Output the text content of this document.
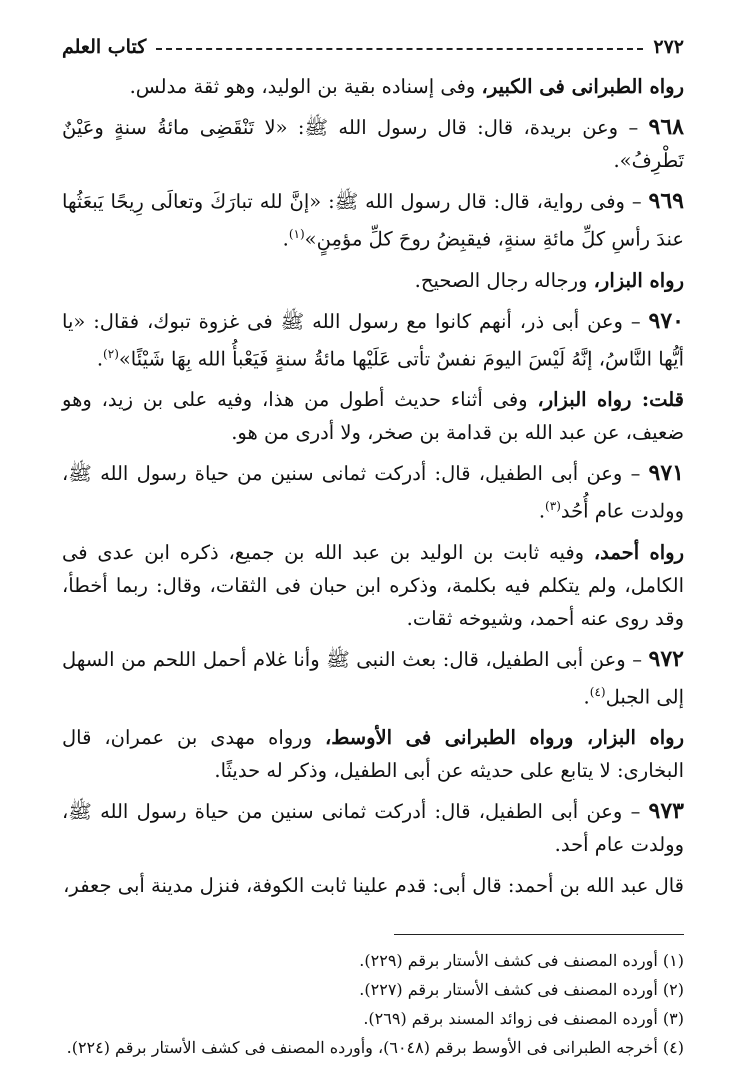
٢٧٢
كتاب العلم

رواه الطبرانى فى الكبير، وفى إسناده بقية بن الوليد، وهو ثقة مدلس.

٩٦٨ – وعن بريدة، قال: قال رسول الله ﷺ: «لا تَنْقَضِى مائةُ سنةٍ وعَيْنٌ تَطْرِفُ».

٩٦٩ – وفى رواية، قال: قال رسول الله ﷺ: «إنَّ لله تبارَكَ وتعالَى رِيحًا يَبعَثُها عندَ رأسِ كلِّ مائةِ سنةٍ، فيقبِضُ روحَ كلِّ مؤمِنٍ»$^{(١)}$.

رواه البزار، ورجاله رجال الصحيح.

٩٧٠ – وعن أبى ذر، أنهم كانوا مع رسول الله ﷺ فى غزوة تبوك، فقال: «يا أيُّها النَّاسُ، إنَّهُ لَيْسَ اليومَ نفسٌ تأتى عَلَيْها مائةُ سنةٍ فَيَعْبأُ الله بِهَا شَيْئًا»$^{(٢)}$.

قلت: رواه البزار، وفى أثناء حديث أطول من هذا، وفيه على بن زيد، وهو ضعيف، عن عبد الله بن قدامة بن صخر، ولا أدرى من هو.

٩٧١ – وعن أبى الطفيل، قال: أدركت ثمانى سنين من حياة رسول الله ﷺ، وولدت عام أُحُد$^{(٣)}$.

رواه أحمد، وفيه ثابت بن الوليد بن عبد الله بن جميع، ذكره ابن عدى فى الكامل، ولم يتكلم فيه بكلمة، وذكره ابن حبان فى الثقات، وقال: ربما أخطأ، وقد روى عنه أحمد، وشيوخه ثقات.

٩٧٢ – وعن أبى الطفيل، قال: بعث النبى ﷺ وأنا غلام أحمل اللحم من السهل إلى الجبل$^{(٤)}$.

رواه البزار، ورواه الطبرانى فى الأوسط، ورواه مهدى بن عمران، قال البخارى: لا يتابع على حديثه عن أبى الطفيل، وذكر له حديثًا.

٩٧٣ – وعن أبى الطفيل، قال: أدركت ثمانى سنين من حياة رسول الله ﷺ، وولدت عام أحد.

قال عبد الله بن أحمد: قال أبى: قدم علينا ثابت الكوفة، فنزل مدينة أبى جعفر،

(١) أورده المصنف فى كشف الأستار برقم (٢٢٩).

(٢) أورده المصنف فى كشف الأستار برقم (٢٢٧).

(٣) أورده المصنف فى زوائد المسند برقم (٢٦٩).

(٤) أخرجه الطبرانى فى الأوسط برقم (٦٠٤٨)، وأورده المصنف فى كشف الأستار برقم (٢٢٤).
